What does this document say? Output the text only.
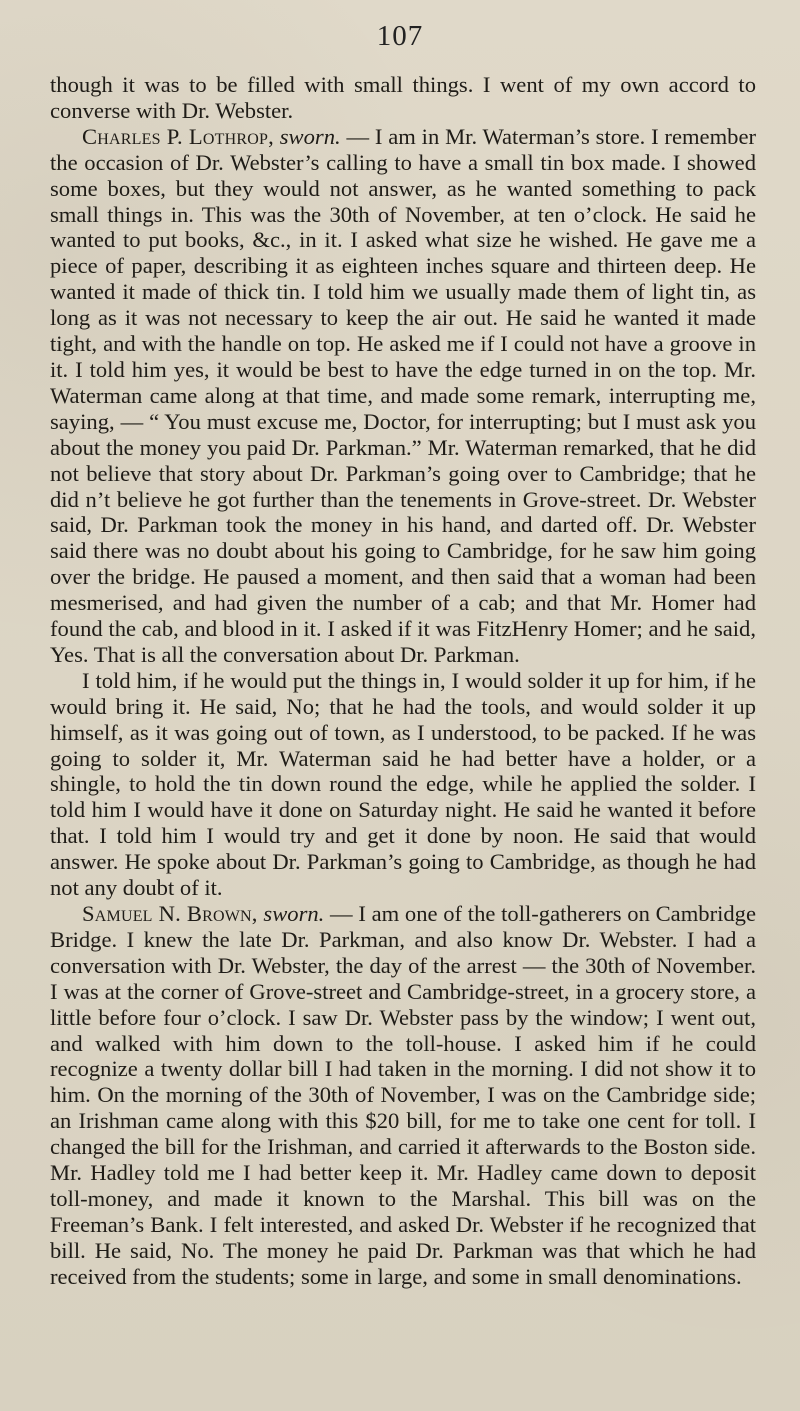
107

though it was to be filled with small things. I went of my own accord to converse with Dr. Webster.

Charles P. Lothrop, sworn. — I am in Mr. Waterman’s store. I remember the occasion of Dr. Webster’s calling to have a small tin box made. I showed some boxes, but they would not answer, as he wanted something to pack small things in. This was the 30th of November, at ten o’clock. He said he wanted to put books, &c., in it. I asked what size he wished. He gave me a piece of paper, describing it as eighteen inches square and thirteen deep. He wanted it made of thick tin. I told him we usually made them of light tin, as long as it was not necessary to keep the air out. He said he wanted it made tight, and with the handle on top. He asked me if I could not have a groove in it. I told him yes, it would be best to have the edge turned in on the top. Mr. Waterman came along at that time, and made some remark, interrupting me, saying, — “ You must excuse me, Doctor, for interrupting; but I must ask you about the money you paid Dr. Parkman.” Mr. Waterman remarked, that he did not believe that story about Dr. Parkman’s going over to Cambridge; that he did n’t believe he got further than the tenements in Grove-street. Dr. Webster said, Dr. Parkman took the money in his hand, and darted off. Dr. Webster said there was no doubt about his going to Cambridge, for he saw him going over the bridge. He paused a moment, and then said that a woman had been mesmerised, and had given the number of a cab; and that Mr. Homer had found the cab, and blood in it. I asked if it was FitzHenry Homer; and he said, Yes. That is all the conversation about Dr. Parkman.

I told him, if he would put the things in, I would solder it up for him, if he would bring it. He said, No; that he had the tools, and would solder it up himself, as it was going out of town, as I understood, to be packed. If he was going to solder it, Mr. Waterman said he had better have a holder, or a shingle, to hold the tin down round the edge, while he applied the solder. I told him I would have it done on Saturday night. He said he wanted it before that. I told him I would try and get it done by noon. He said that would answer. He spoke about Dr. Parkman’s going to Cambridge, as though he had not any doubt of it.

Samuel N. Brown, sworn. — I am one of the toll-gatherers on Cambridge Bridge. I knew the late Dr. Parkman, and also know Dr. Webster. I had a conversation with Dr. Webster, the day of the arrest — the 30th of November. I was at the corner of Grove-street and Cambridge-street, in a grocery store, a little before four o’clock. I saw Dr. Webster pass by the window; I went out, and walked with him down to the toll-house. I asked him if he could recognize a twenty dollar bill I had taken in the morning. I did not show it to him. On the morning of the 30th of November, I was on the Cambridge side; an Irishman came along with this $20 bill, for me to take one cent for toll. I changed the bill for the Irishman, and carried it afterwards to the Boston side. Mr. Hadley told me I had better keep it. Mr. Hadley came down to deposit toll-money, and made it known to the Marshal. This bill was on the Freeman’s Bank. I felt interested, and asked Dr. Webster if he recognized that bill. He said, No. The money he paid Dr. Parkman was that which he had received from the students; some in large, and some in small denominations.
